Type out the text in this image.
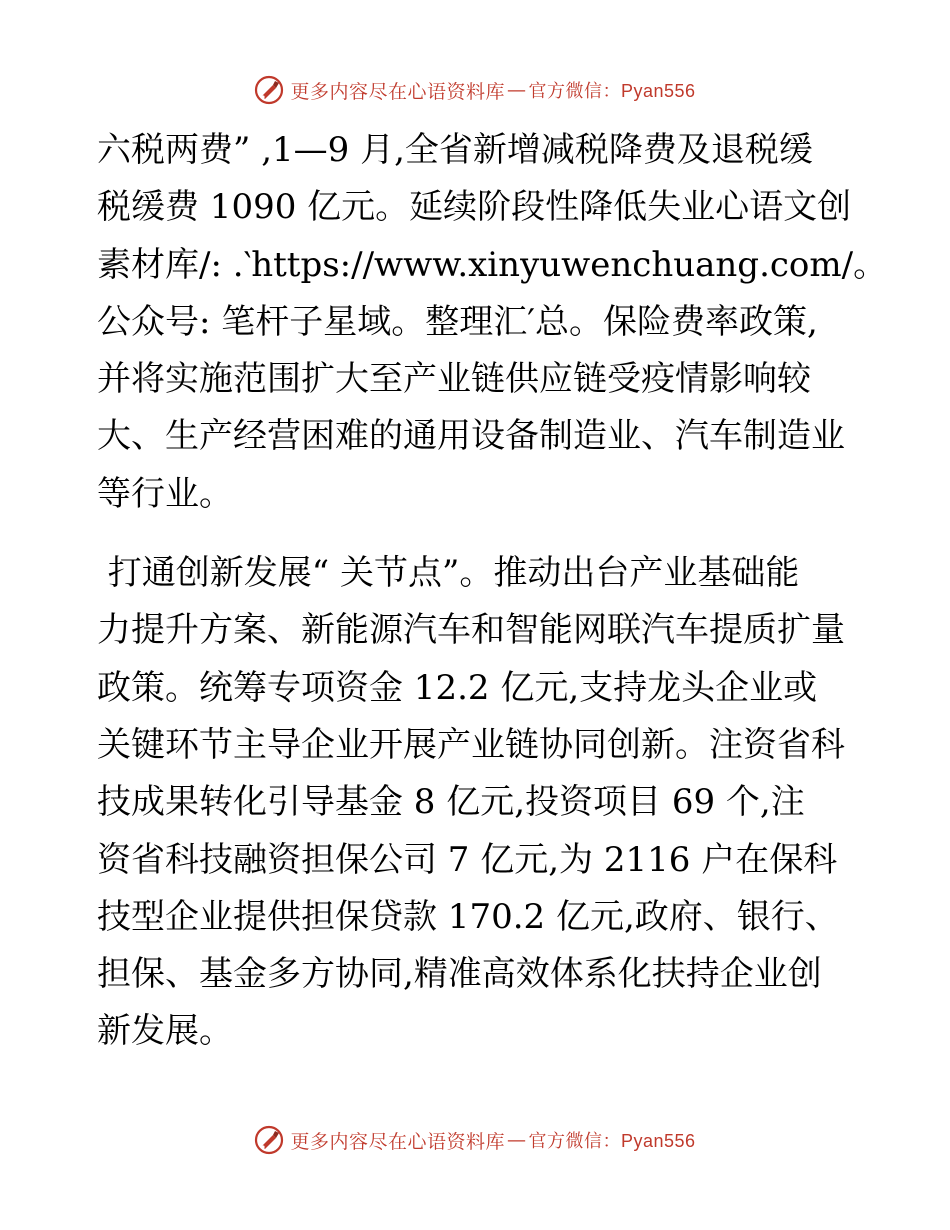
更多内容尽在心语资料库 — 官方微信：Pyan556
六税两费” ,1—9 月,全省新增减税降费及退税缓
税缓费 1090 亿元。延续阶段性降低失业心语文创
素材库/: .‵https://www.xinyuwenchuang.com/。
公众号: 笔杆子星域。整理汇′总。保险费率政策,
并将实施范围扩大至产业链供应链受疫情影响较
大、生产经营困难的通用设备制造业、汽车制造业
等行业。
打通创新发展“ 关节点”。推动出台产业基础能
力提升方案、新能源汽车和智能网联汽车提质扩量
政策。统筹专项资金 12.2 亿元,支持龙头企业或
关键环节主导企业开展产业链协同创新。注资省科
技成果转化引导基金 8 亿元,投资项目 69 个,注
资省科技融资担保公司 7 亿元,为 2116 户在保科
技型企业提供担保贷款 170.2 亿元,政府、银行、
担保、基金多方协同,精准高效体系化扶持企业创
新发展。
更多内容尽在心语资料库 — 官方微信：Pyan556
